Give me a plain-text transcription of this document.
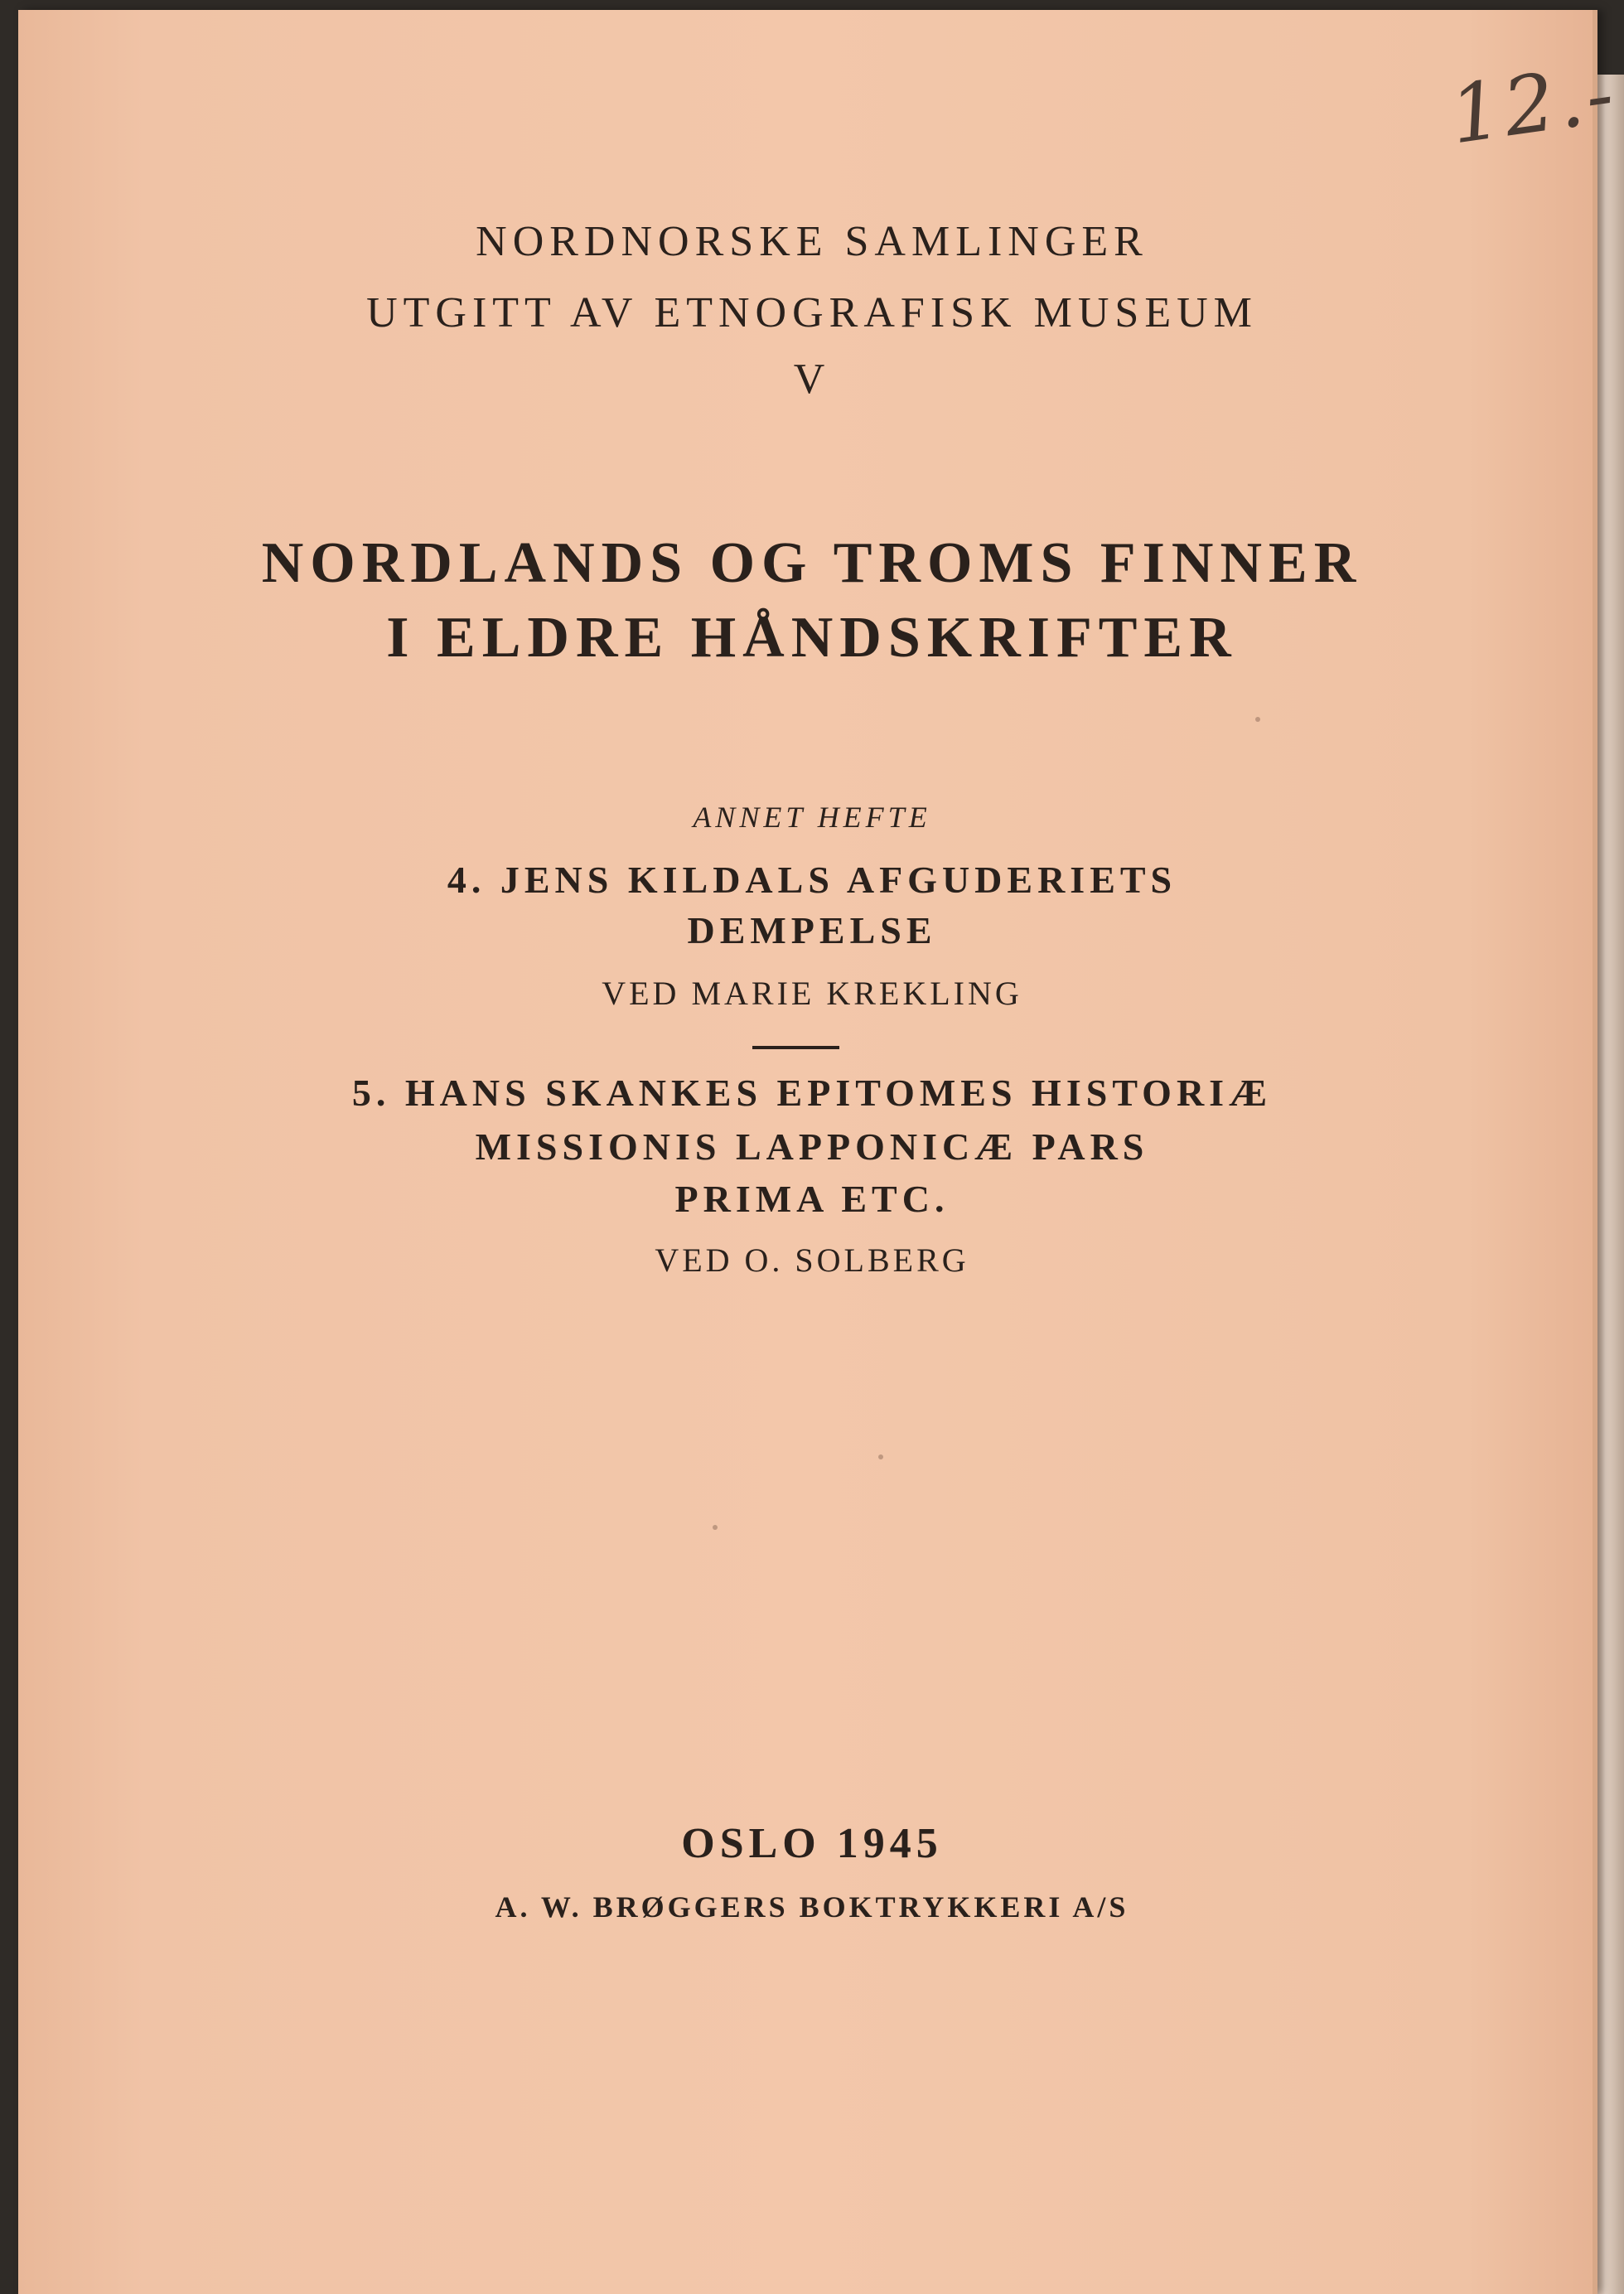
12.-
NORDNORSKE SAMLINGER
UTGITT AV ETNOGRAFISK MUSEUM
V
NORDLANDS OG TROMS FINNER
I ELDRE HÅNDSKRIFTER
ANNET HEFTE
4. JENS KILDALS AFGUDERIETS
DEMPELSE
VED MARIE KREKLING
5. HANS SKANKES EPITOMES HISTORIÆ
MISSIONIS LAPPONICÆ PARS
PRIMA ETC.
VED O. SOLBERG
OSLO 1945
A. W. BRØGGERS BOKTRYKKERI A/S
